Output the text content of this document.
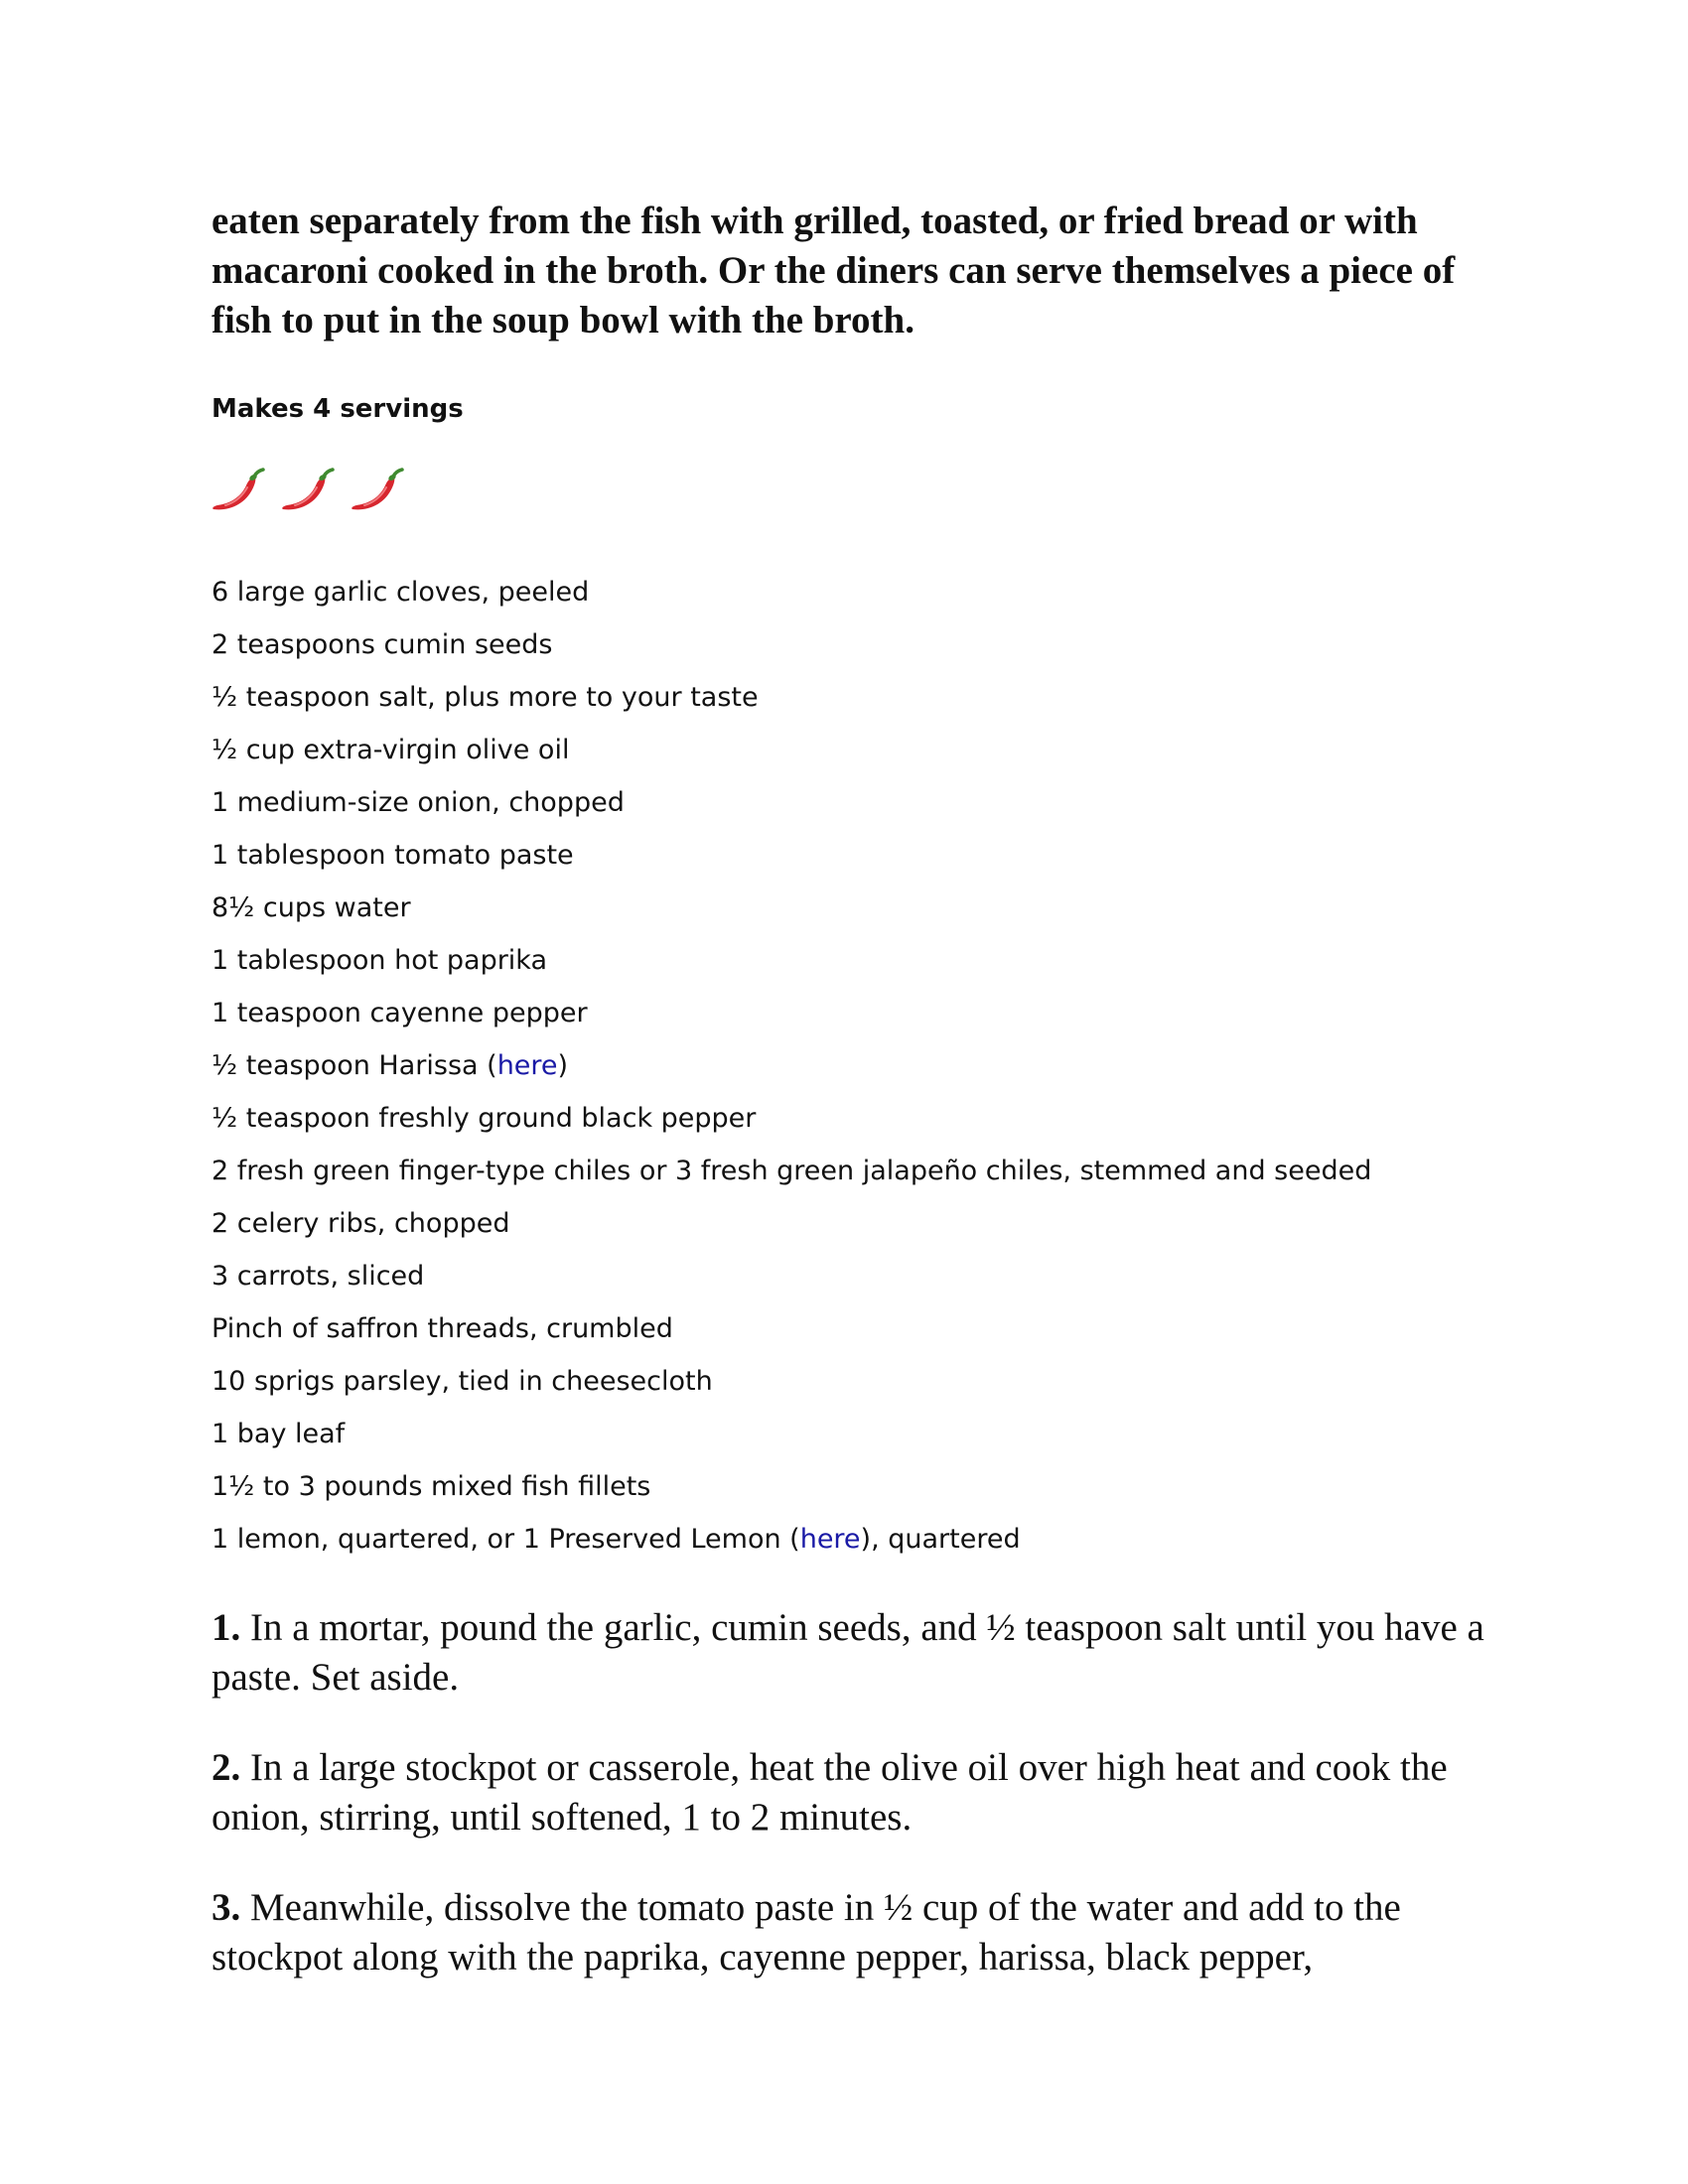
eaten separately from the fish with grilled, toasted, or fried bread or with macaroni cooked in the broth. Or the diners can serve themselves a piece of fish to put in the soup bowl with the broth.

Makes 4 servings
6 large garlic cloves, peeled
2 teaspoons cumin seeds
½ teaspoon salt, plus more to your taste
½ cup extra-virgin olive oil
1 medium-size onion, chopped
1 tablespoon tomato paste
8½ cups water
1 tablespoon hot paprika
1 teaspoon cayenne pepper
½ teaspoon Harissa (here)
½ teaspoon freshly ground black pepper
2 fresh green finger-type chiles or 3 fresh green jalapeño chiles, stemmed and seeded
2 celery ribs, chopped
3 carrots, sliced
Pinch of saffron threads, crumbled
10 sprigs parsley, tied in cheesecloth
1 bay leaf
1½ to 3 pounds mixed fish fillets
1 lemon, quartered, or 1 Preserved Lemon (here), quartered

1. In a mortar, pound the garlic, cumin seeds, and ½ teaspoon salt until you have a paste. Set aside.

2. In a large stockpot or casserole, heat the olive oil over high heat and cook the onion, stirring, until softened, 1 to 2 minutes.

3. Meanwhile, dissolve the tomato paste in ½ cup of the water and add to the stockpot along with the paprika, cayenne pepper, harissa, black pepper,
